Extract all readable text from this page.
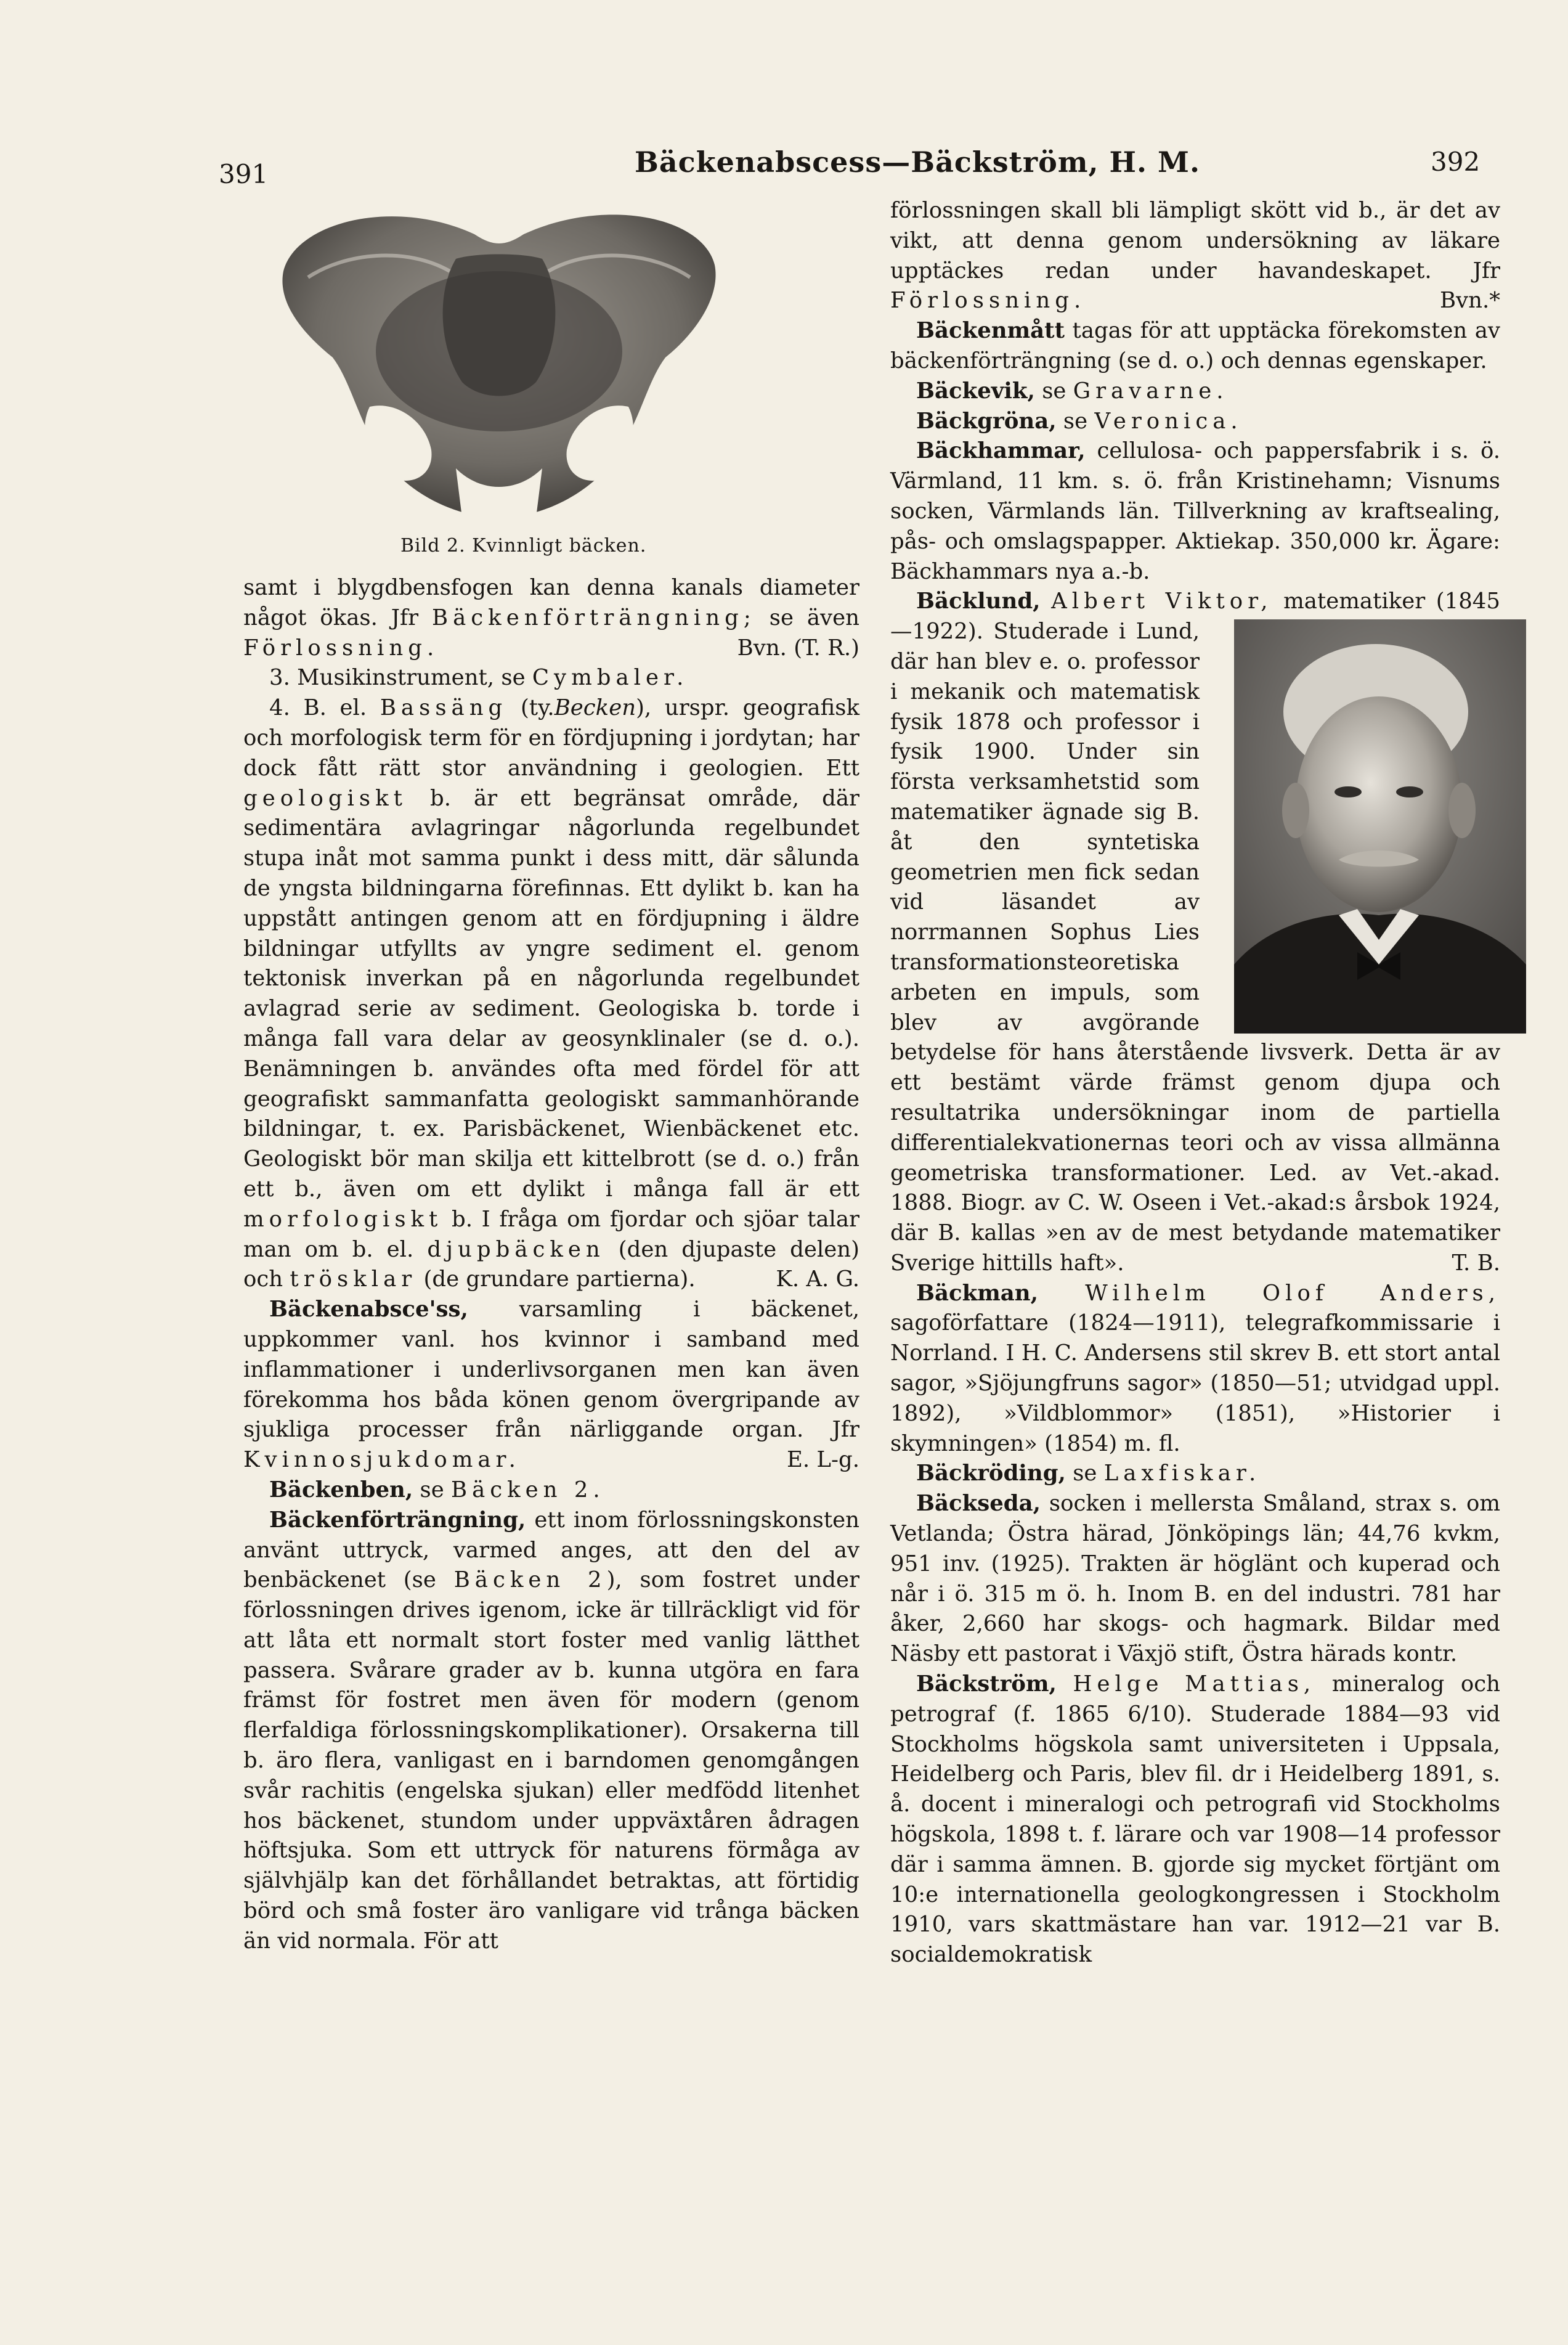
391	Bäckenabscess—Bäckström, H. M.	392
Bild 2. Kvinnligt bäcken.

samt i blygdbensfogen kan denna kanals diameter något ökas. Jfr Bäckenförträngning; se även Förlossning.	Bvn. (T. R.)

3. Musikinstrument, se Cymbaler.

4. B. el. Bassäng (ty.Becken), urspr. geografisk och morfologisk term för en fördjupning i jordytan; har dock fått rätt stor användning i geologien. Ett geologiskt b. är ett begränsat område, där sedimentära avlagringar någorlunda regelbundet stupa inåt mot samma punkt i dess mitt, där sålunda de yngsta bildningarna förefinnas. Ett dylikt b. kan ha uppstått antingen genom att en fördjupning i äldre bildningar utfyllts av yngre sediment el. genom tektonisk inverkan på en någorlunda regelbundet avlagrad serie av sediment. Geologiska b. torde i många fall vara delar av geosynklinaler (se d. o.). Benämningen b. användes ofta med fördel för att geografiskt sammanfatta geologiskt sammanhörande bildningar, t. ex. Parisbäckenet, Wienbäckenet etc. Geologiskt bör man skilja ett kittelbrott (se d. o.) från ett b., även om ett dylikt i många fall är ett morfologiskt b. I fråga om fjordar och sjöar talar man om b. el. djupbäcken (den djupaste delen) och trösklar (de grundare partierna).	K. A. G.

Bäckenabsce'ss, varsamling i bäckenet, uppkommer vanl. hos kvinnor i samband med inflammationer i underlivsorganen men kan även förekomma hos båda könen genom övergripande av sjukliga processer från närliggande organ. Jfr Kvinnosjukdomar.	E. L-g.

Bäckenben, se Bäcken 2.

Bäckenförträngning, ett inom förlossningskonsten använt uttryck, varmed anges, att den del av benbäckenet (se Bäcken 2), som fostret under förlossningen drives igenom, icke är tillräckligt vid för att låta ett normalt stort foster med vanlig lätthet passera. Svårare grader av b. kunna utgöra en fara främst för fostret men även för modern (genom flerfaldiga förlossningskomplikationer). Orsakerna till b. äro flera, vanligast en i barndomen genomgången svår rachitis (engelska sjukan) eller medfödd litenhet hos bäckenet, stundom under uppväxtåren ådragen höftsjuka. Som ett uttryck för naturens förmåga av självhjälp kan det förhållandet betraktas, att förtidig börd och små foster äro vanligare vid trånga bäcken än vid normala. För att

förlossningen skall bli lämpligt skött vid b., är det av vikt, att denna genom undersökning av läkare upptäckes redan under havandeskapet. Jfr Förlossning.	Bvn.*

Bäckenmått tagas för att upptäcka förekomsten av bäckenförträngning (se d. o.) och dennas egenskaper.

Bäckevik, se Gravarne.

Bäckgröna, se Veronica.

Bäckhammar, cellulosa- och pappersfabrik i s. ö. Värmland, 11 km. s. ö. från Kristinehamn; Visnums socken, Värmlands län. Tillverkning av kraftsealing, pås- och omslagspapper. Aktiekap. 350,000 kr. Ägare: Bäckhammars nya a.-b.

Bäcklund, Albert Viktor, matematiker (1845—1922). Studerade i Lund, där han blev e. o. professor i mekanik och matematisk fysik 1878 och professor i fysik 1900. Under sin första verksamhetstid som matematiker ägnade sig B. åt den syntetiska geometrien men fick sedan vid läsandet av norrmannen Sophus Lies transformationsteoretiska arbeten en impuls, som blev av avgörande betydelse för hans återstående livsverk. Detta är av ett bestämt värde främst genom djupa och resultatrika undersökningar inom de partiella differentialekvationernas teori och av vissa allmänna geometriska transformationer. Led. av Vet.-akad. 1888. Biogr. av C. W. Oseen i Vet.-akad:s årsbok 1924, där B. kallas »en av de mest betydande matematiker Sverige hittills haft».	T. B.

Bäckman, Wilhelm Olof Anders, sagoförfattare (1824—1911), telegrafkommissarie i Norrland. I H. C. Andersens stil skrev B. ett stort antal sagor, »Sjöjungfruns sagor» (1850—51; utvidgad uppl. 1892), »Vildblommor» (1851), »Historier i skymningen» (1854) m. fl.

Bäckröding, se Laxfiskar.

Bäckseda, socken i mellersta Småland, strax s. om Vetlanda; Östra härad, Jönköpings län; 44,76 kvkm, 951 inv. (1925). Trakten är höglänt och kuperad och når i ö. 315 m ö. h. Inom B. en del industri. 781 har åker, 2,660 har skogs- och hagmark. Bildar med Näsby ett pastorat i Växjö stift, Östra härads kontr.

Bäckström, Helge Mattias, mineralog och petrograf (f. 1865 6/10). Studerade 1884—93 vid Stockholms högskola samt universiteten i Uppsala, Heidelberg och Paris, blev fil. dr i Heidelberg 1891, s. å. docent i mineralogi och petrografi vid Stockholms högskola, 1898 t. f. lärare och var 1908—14 professor där i samma ämnen. B. gjorde sig mycket förtjänt om 10:e internationella geologkongressen i Stockholm 1910, vars skattmästare han var. 1912—21 var B. socialdemokratisk
